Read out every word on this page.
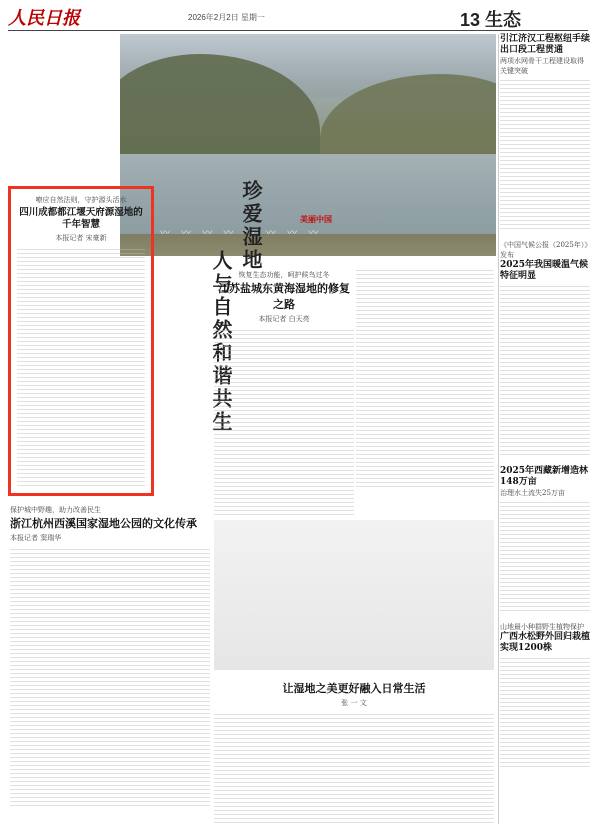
人民日报	2026年2月2日 星期一	13 生态
〰 〰 〰 〰 〰 〰 〰 〰
引江济汉工程枢纽手续出口段工程贯通
两项水网骨干工程建设取得关键突破
《中国气候公报（2025年）》发布
2025年我国暖温气候特征明显
2025年西藏新增造林148万亩
治理水土流失25万亩
山地最小种群野生植物保护
广西水松野外回归栽植实现1200株
美丽中国
珍爱湿地
人与自然和谐共生
嘹应自然法则，守护源头活水
四川成都都江堰天府源湿地的千年智慧
本报记者 宋豪新
恢复生态功能，呵护候鸟过冬
江苏盐城东黄海湿地的修复之路
本报记者 白天亮
保护城中野趣，助力改善民生
浙江杭州西溪国家湿地公园的文化传承
本报记者 窦瑞华
让湿地之美更好融入日常生活
张 一 文
